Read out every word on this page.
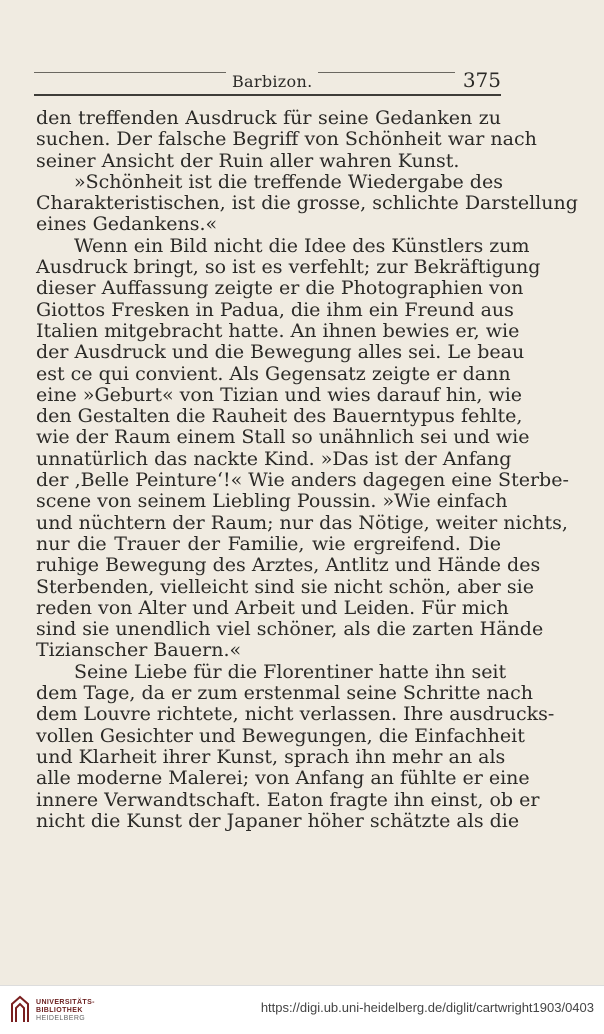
Barbizon.	375
den treffenden Ausdruck für seine Gedanken zu
suchen. Der falsche Begriff von Schönheit war nach
seiner Ansicht der Ruin aller wahren Kunst.
»Schönheit ist die treffende Wiedergabe des
Charakteristischen, ist die grosse, schlichte Darstellung
eines Gedankens.«
Wenn ein Bild nicht die Idee des Künstlers zum
Ausdruck bringt, so ist es verfehlt; zur Bekräftigung
dieser Auffassung zeigte er die Photographien von
Giottos Fresken in Padua, die ihm ein Freund aus
Italien mitgebracht hatte. An ihnen bewies er, wie
der Ausdruck und die Bewegung alles sei. Le beau
est ce qui convient. Als Gegensatz zeigte er dann
eine »Geburt« von Tizian und wies darauf hin, wie
den Gestalten die Rauheit des Bauerntypus fehlte,
wie der Raum einem Stall so unähnlich sei und wie
unnatürlich das nackte Kind. »Das ist der Anfang
der ‚Belle Peinture‘!« Wie anders dagegen eine Sterbe-
scene von seinem Liebling Poussin. »Wie einfach
und nüchtern der Raum; nur das Nötige, weiter nichts,
nur die Trauer der Familie, wie ergreifend. Die
ruhige Bewegung des Arztes, Antlitz und Hände des
Sterbenden, vielleicht sind sie nicht schön, aber sie
reden von Alter und Arbeit und Leiden. Für mich
sind sie unendlich viel schöner, als die zarten Hände
Tizianscher Bauern.«
Seine Liebe für die Florentiner hatte ihn seit
dem Tage, da er zum erstenmal seine Schritte nach
dem Louvre richtete, nicht verlassen. Ihre ausdrucks-
vollen Gesichter und Bewegungen, die Einfachheit
und Klarheit ihrer Kunst, sprach ihn mehr an als
alle moderne Malerei; von Anfang an fühlte er eine
innere Verwandtschaft. Eaton fragte ihn einst, ob er
nicht die Kunst der Japaner höher schätzte als die
UNIVERSITÄTS-
BIBLIOTHEK
HEIDELBERG
https://digi.ub.uni-heidelberg.de/diglit/cartwright1903/0403
